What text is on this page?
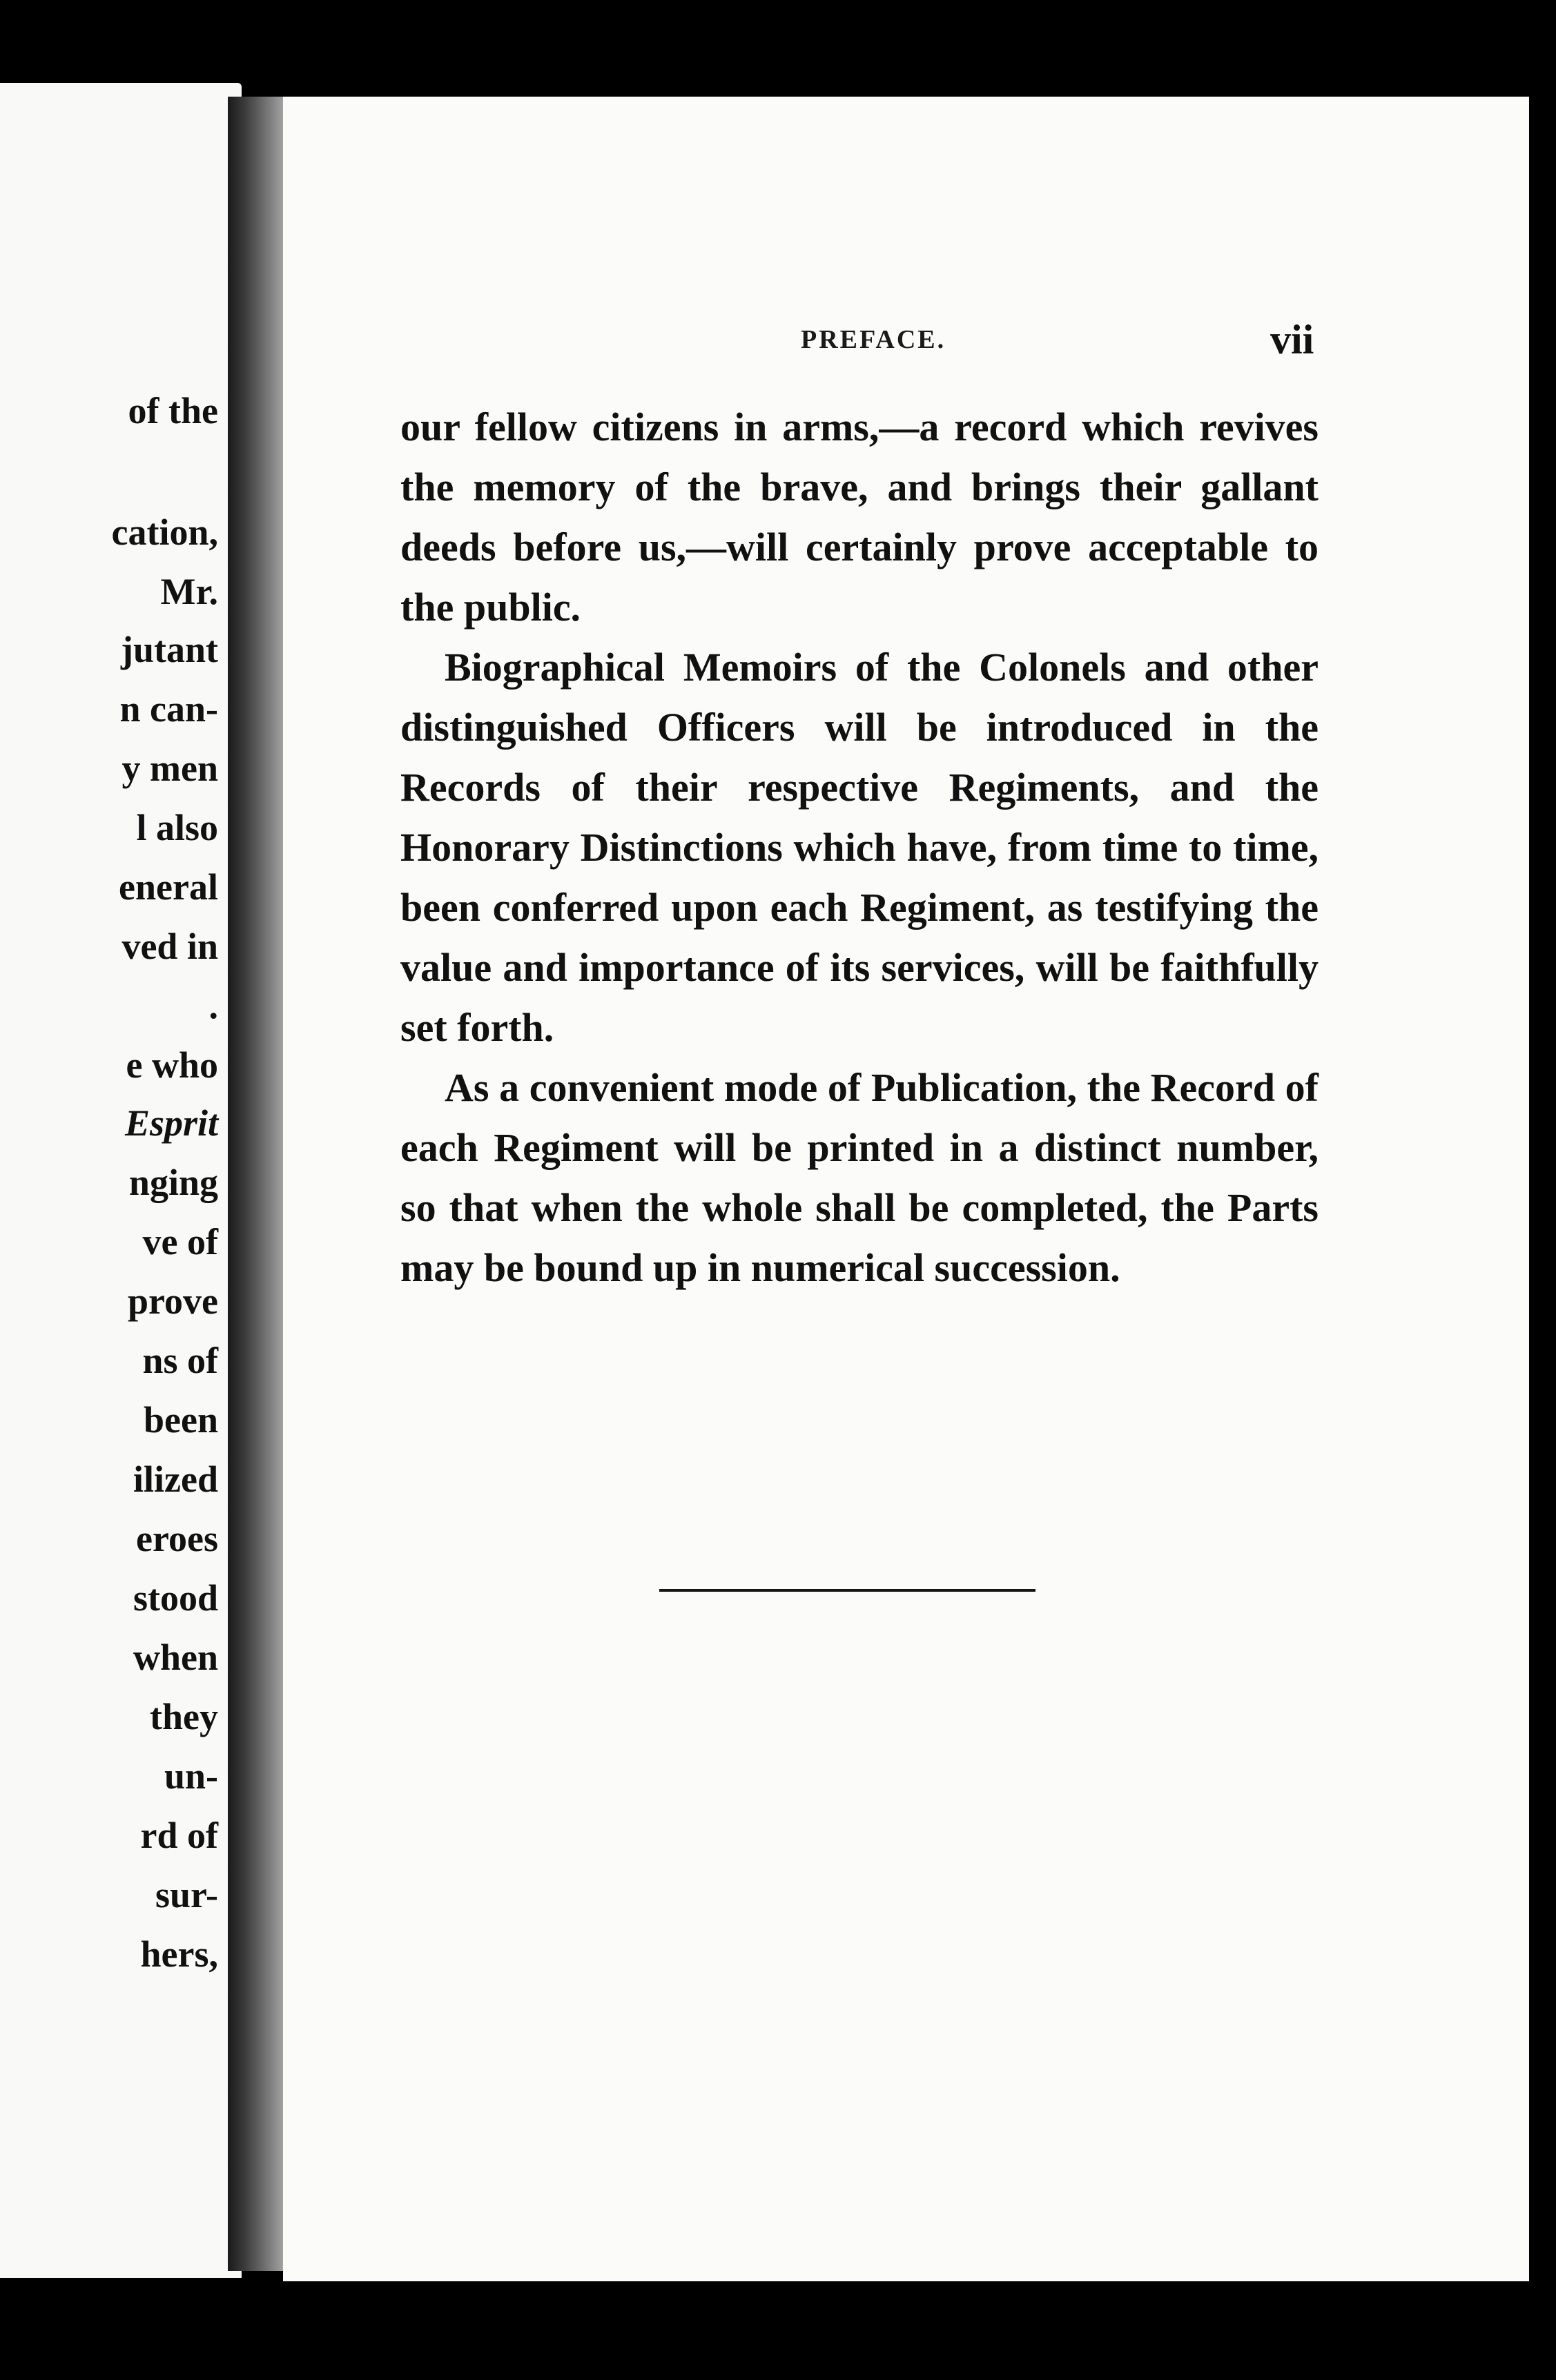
of the
cation,
Mr.
jutant
n can-
y men
l also
eneral
ved in
.
e who
Esprit
nging
ve of
prove
ns of
been
ilized
eroes
stood
when
they
un-
rd of
sur-
hers,
PREFACE.	vii

our fellow citizens in arms,—a record which revives the memory of the brave, and brings their gallant deeds before us,—will certainly prove acceptable to the public.

Biographical Memoirs of the Colonels and other distinguished Officers will be introduced in the Records of their respective Regiments, and the Honorary Distinctions which have, from time to time, been conferred upon each Regiment, as testifying the value and importance of its services, will be faithfully set forth.

As a convenient mode of Publication, the Record of each Regiment will be printed in a distinct number, so that when the whole shall be completed, the Parts may be bound up in numerical succession.
